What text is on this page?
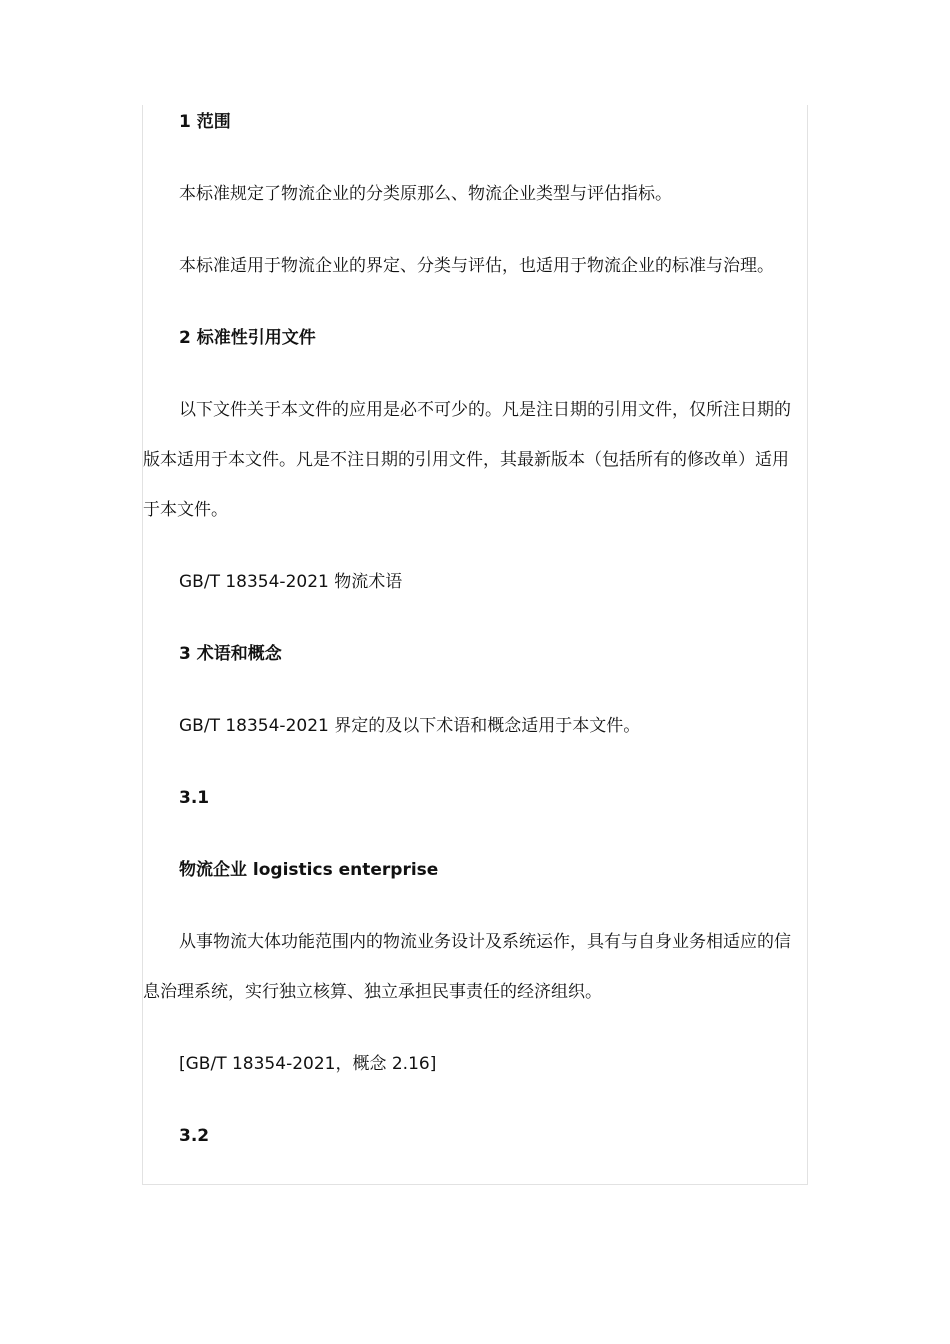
1 范围
本标准规定了物流企业的分类原那么、物流企业类型与评估指标。
本标准适用于物流企业的界定、分类与评估，也适用于物流企业的标准与治理。
2 标准性引用文件
以下文件关于本文件的应用是必不可少的。凡是注日期的引用文件，仅所注日期的
版本适用于本文件。凡是不注日期的引用文件，其最新版本（包括所有的修改单）适用
于本文件。
GB/T 18354-2021 物流术语
3 术语和概念
GB/T 18354-2021 界定的及以下术语和概念适用于本文件。
3.1
物流企业 logistics enterprise
从事物流大体功能范围内的物流业务设计及系统运作，具有与自身业务相适应的信
息治理系统，实行独立核算、独立承担民事责任的经济组织。
[GB/T 18354-2021，概念 2.16]
3.2
